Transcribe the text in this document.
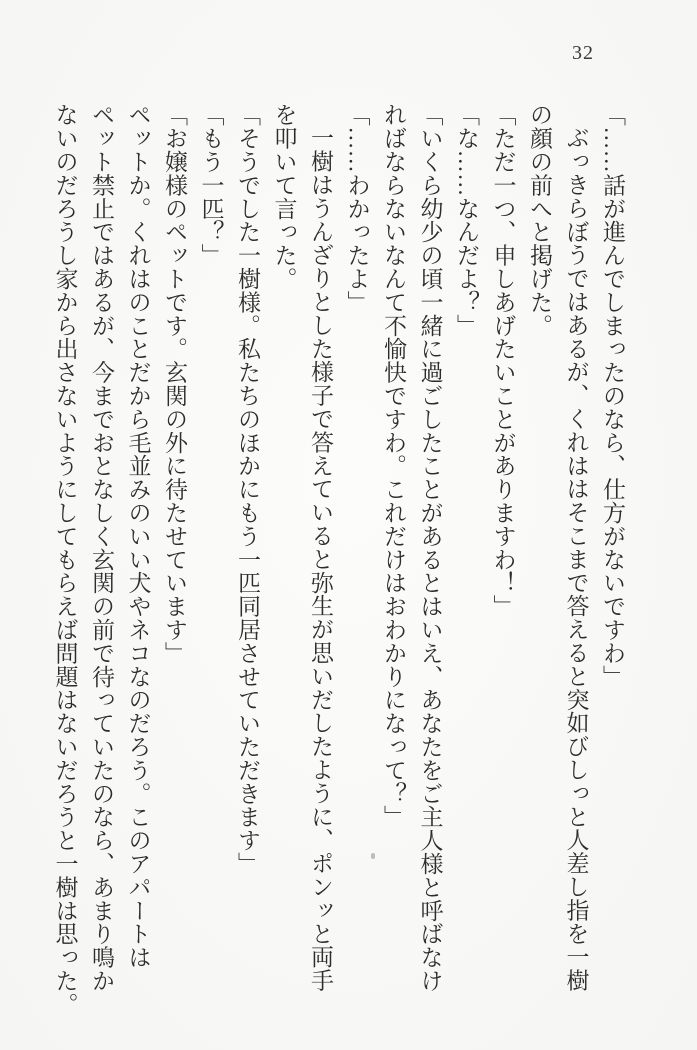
32

「……話が進んでしまったのなら、仕方がないですわ」

ぶっきらぼうではあるが、くれははそこまで答えると突如びしっと人差し指を一樹

の顔の前へと掲げた。

「ただ一つ、申しあげたいことがありますわ！」

「な……なんだよ？」

「いくら幼少の頃一緒に過ごしたことがあるとはいえ、あなたをご主人様と呼ばなけ

ればならないなんて不愉快ですわ。これだけはおわかりになって？」

「……わかったよ」

一樹はうんざりとした様子で答えていると弥生が思いだしたように、ポンッと両手

を叩いて言った。

「そうでした一樹様。私たちのほかにもう一匹同居させていただきます」

「もう一匹？」

「お嬢様のペットです。玄関の外に待たせています」

ペットか。くれはのことだから毛並みのいい犬やネコなのだろう。このアパートは

ペット禁止ではあるが、今までおとなしく玄関の前で待っていたのなら、あまり鳴か

ないのだろうし家から出さないようにしてもらえば問題はないだろうと一樹は思った。
